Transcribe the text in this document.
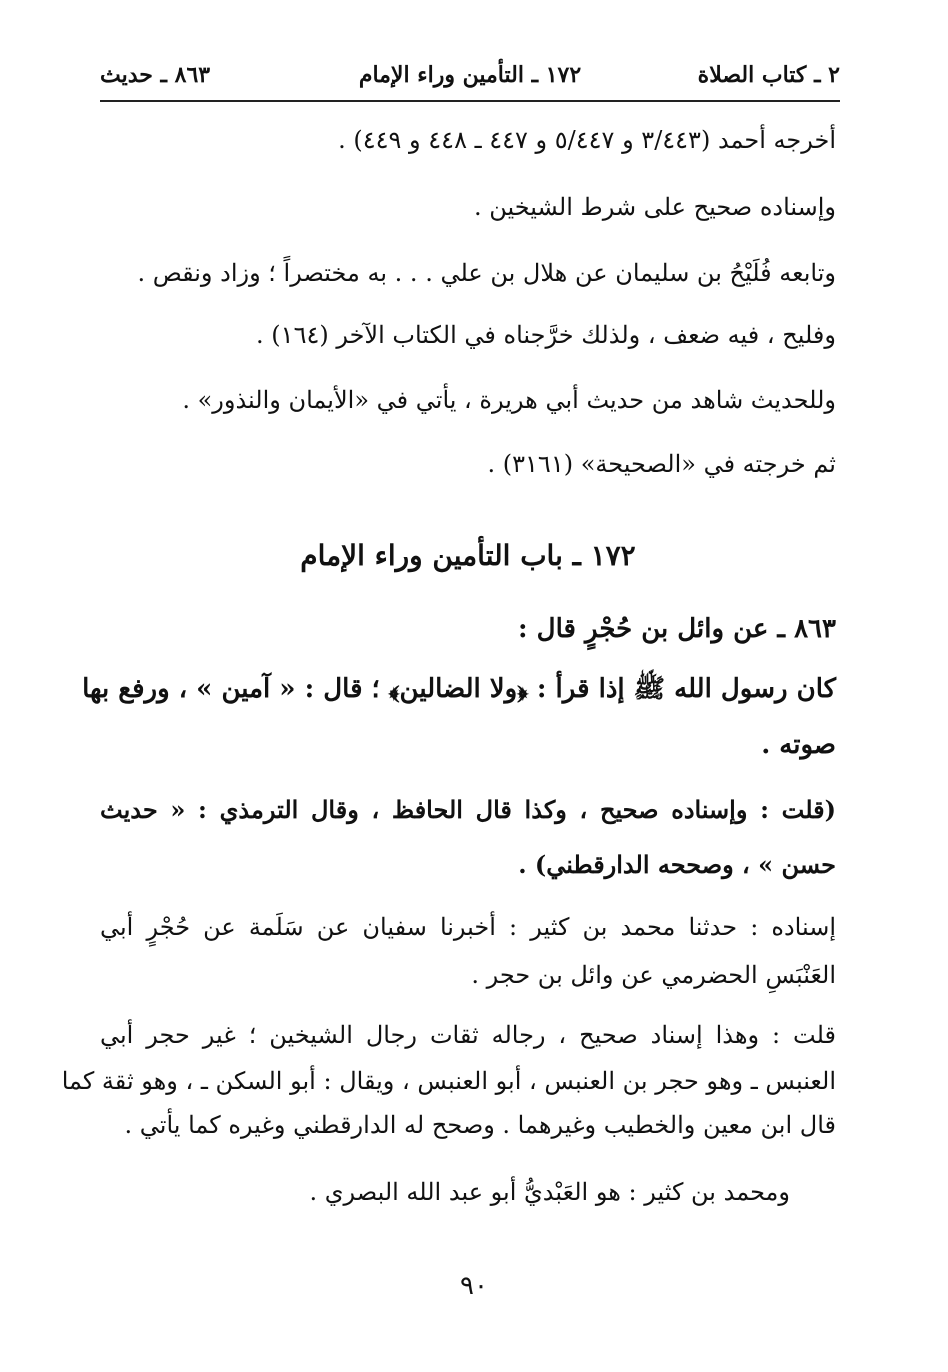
٢ ـ كتاب الصلاة
١٧٢ ـ التأمين وراء الإمام
٨٦٣ ـ حديث
أخرجه أحمد (٣/٤٤٣ و ٥/٤٤٧ و ٤٤٧ ـ ٤٤٨ و ٤٤٩) .
وإسناده صحيح على شرط الشيخين .
وتابعه فُلَيْحُ بن سليمان عن هلال بن علي . . . به مختصراً ؛ وزاد ونقص .
وفليح ، فيه ضعف ، ولذلك خرَّجناه في الكتاب الآخر (١٦٤) .
وللحديث شاهد من حديث أبي هريرة ، يأتي في «الأيمان والنذور» .
ثم خرجته في «الصحيحة» (٣١٦١) .
١٧٢ ـ باب التأمين وراء الإمام
٨٦٣ ـ عن وائل بن حُجْرٍ قال :
كان رسول الله ﷺ إذا قرأ : ﴿ولا الضالين﴾ ؛ قال : « آمين » ، ورفع بها
صوته .
(قلت : وإسناده صحيح ، وكذا قال الحافظ ، وقال الترمذي : « حديث
حسن » ، وصححه الدارقطني) .
إسناده : حدثنا محمد بن كثير : أخبرنا سفيان عن سَلَمة عن حُجْرٍ أبي
العَنْبَسِ الحضرمي عن وائل بن حجر .
قلت : وهذا إسناد صحيح ، رجاله ثقات رجال الشيخين ؛ غير حجر أبي
العنبس ـ وهو حجر بن العنبس ، أبو العنبس ، ويقال : أبو السكن ـ ، وهو ثقة كما
قال ابن معين والخطيب وغيرهما . وصحح له الدارقطني وغيره كما يأتي .
ومحمد بن كثير : هو العَبْديُّ أبو عبد الله البصري .
٩٠
